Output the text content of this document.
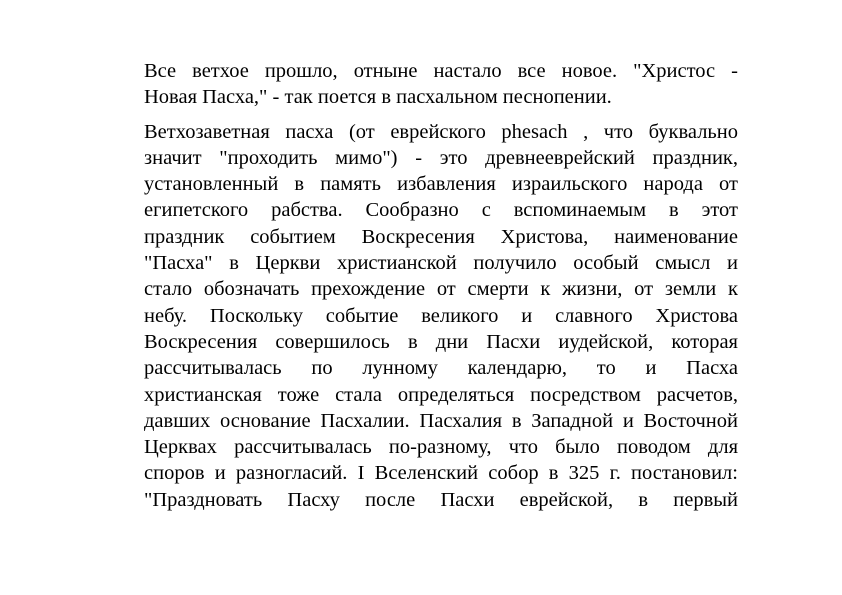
Все ветхое прошло, отныне настало все новое. "Христос -
Новая Пасха," - так поется в пасхальном песнопении.

Ветхозаветная пасха (от еврейского phesach , что буквально
значит "проходить мимо") - это древнееврейский праздник,
установленный в память избавления израильского народа от
египетского рабства. Сообразно с вспоминаемым в этот
праздник событием Воскресения Христова, наименование
"Пасха" в Церкви христианской получило особый смысл и
стало обозначать прехождение от смерти к жизни, от земли к
небу. Поскольку событие великого и славного Христова
Воскресения совершилось в дни Пасхи иудейской, которая
рассчитывалась по лунному календарю, то и Пасха
христианская тоже стала определяться посредством расчетов,
давших основание Пасхалии. Пасхалия в Западной и Восточной
Церквах рассчитывалась по-разному, что было поводом для
споров и разногласий. I Вселенский собор в 325 г. постановил:
"Праздновать Пасху после Пасхи еврейской, в первый
